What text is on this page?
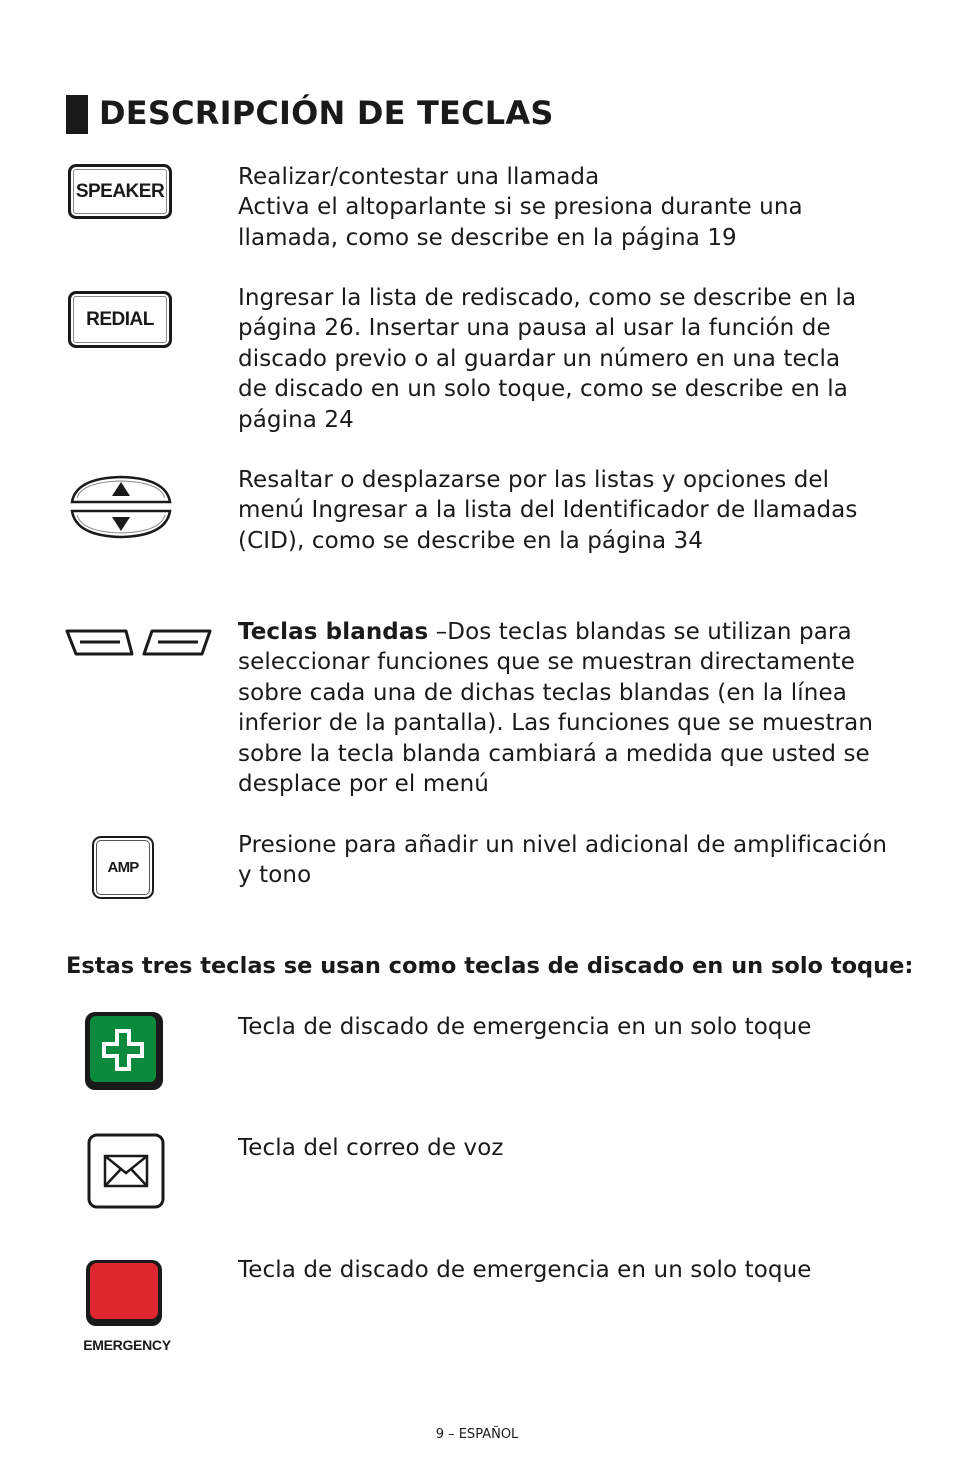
DESCRIPCIÓN DE TECLAS
SPEAKER

Realizar/contestar una llamada
Activa el altoparlante si se presiona durante una
llamada, como se describe en la página 19

REDIAL

Ingresar la lista de rediscado, como se describe en la
página 26. Insertar una pausa al usar la función de
discado previo o al guardar un número en una tecla
de discado en un solo toque, como se describe en la
página 24

Resaltar o desplazarse por las listas y opciones del
menú Ingresar a la lista del Identificador de llamadas
(CID), como se describe en la página 34

Teclas blandas –Dos teclas blandas se utilizan para
seleccionar funciones que se muestran directamente
sobre cada una de dichas teclas blandas (en la línea
inferior de la pantalla). Las funciones que se muestran
sobre la tecla blanda cambiará a medida que usted se
desplace por el menú

AMP

Presione para añadir un nivel adicional de amplificación
y tono

Estas tres teclas se usan como teclas de discado en un solo toque:

Tecla de discado de emergencia en un solo toque

Tecla del correo de voz

EMERGENCY

Tecla de discado de emergencia en un solo toque

9 – ESPAÑOL
